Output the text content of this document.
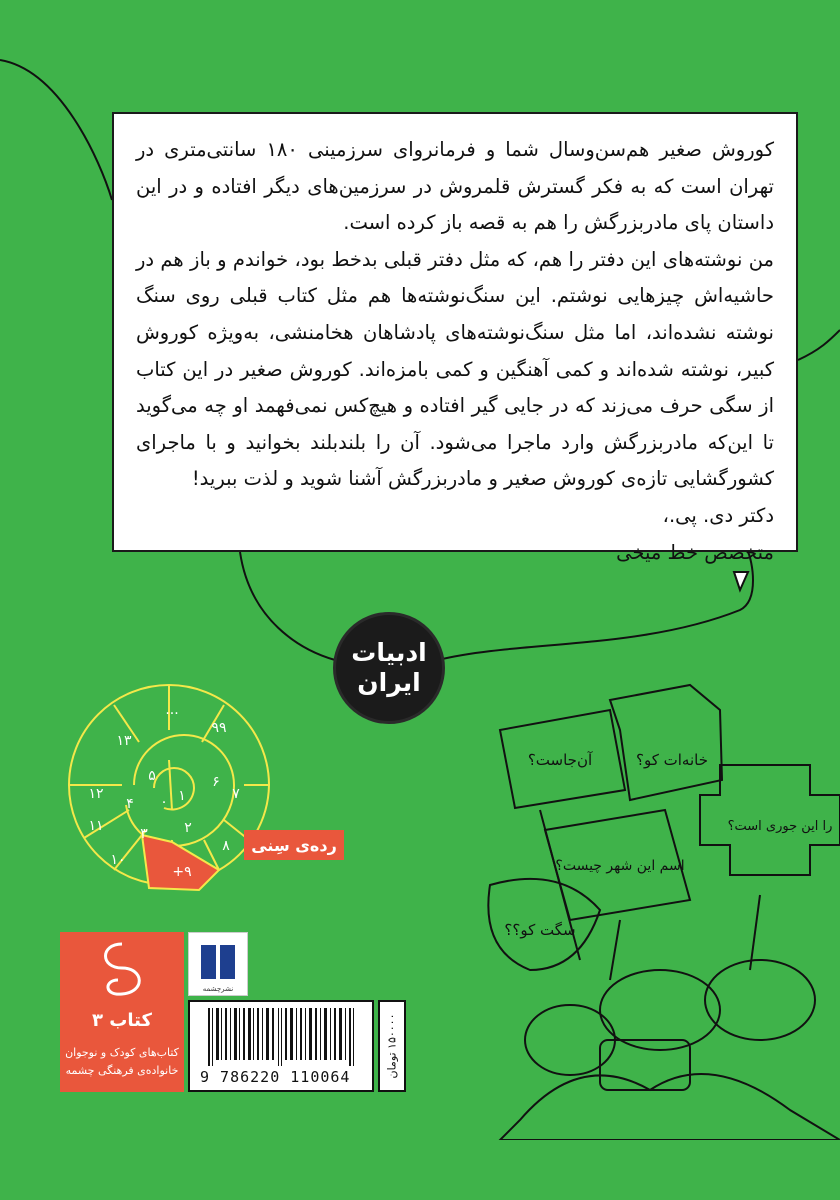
کوروش صغیر هم‌سن‌وسال شما و فرمانروای سرزمینی ۱۸۰ سانتی‌متری در تهران است که به فکر گسترش قلمروش در سرزمین‌های دیگر افتاده و در این داستان پای مادربزرگش را هم به قصه باز کرده است.

من نوشته‌های این دفتر را هم، که مثل دفتر قبلی بدخط بود، خواندم و باز هم در حاشیه‌اش چیزهایی نوشتم. این سنگ‌نوشته‌ها هم مثل کتاب قبلی روی سنگ نوشته نشده‌اند، اما مثل سنگ‌نوشته‌های پادشاهان هخامنشی، به‌ویژه کوروش کبیر، نوشته شده‌اند و کمی آهنگین و کمی بامزه‌اند. کوروش صغیر در این کتاب از سگی حرف می‌زند که در جایی گیر افتاده و هیچ‌کس نمی‌فهمد او چه می‌گوید تا این‌که مادربزرگش وارد ماجرا می‌شود. آن را بلندبلند بخوانید و با ماجرای کشورگشایی تازه‌ی کوروش صغیر و مادربزرگش آشنا شوید و لذت ببرید!

دکتر دی. پی.،

متخصص خط میخی

ادبیات
ایران
۹۹
۷
۸
+۹
۱۰
۱۱
۱۲
۱۳
...
۶
۱
۲
۳
۰
۴
۵
رده‌ی سِنی
آن‌جاست؟	خانه‌ات کو؟
اسم این شهر چیست؟
را این جوری است؟
سگت کو؟؟
کتاب ۳
کتاب‌های کودک و نوجوان
خانواده‌ی فرهنگی چشمه
نشرچشمه
9 786220 110064	۱۵۰۰۰۰ تومان
